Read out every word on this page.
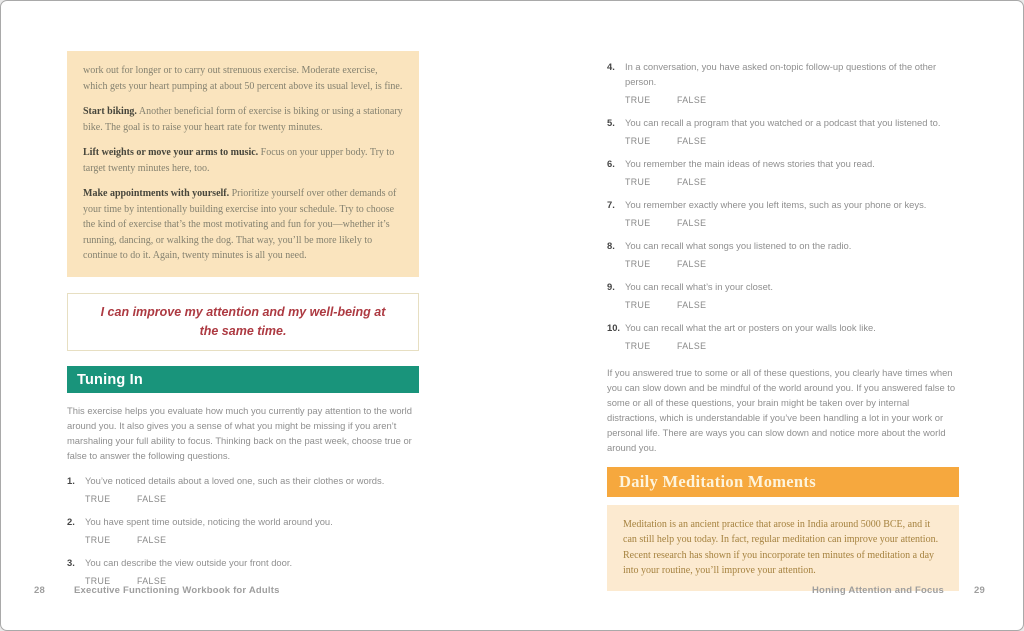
work out for longer or to carry out strenuous exercise. Moderate exercise, which gets your heart pumping at about 50 percent above its usual level, is fine.

Start biking. Another beneficial form of exercise is biking or using a stationary bike. The goal is to raise your heart rate for twenty minutes.

Lift weights or move your arms to music. Focus on your upper body. Try to target twenty minutes here, too.

Make appointments with yourself. Prioritize yourself over other demands of your time by intentionally building exercise into your schedule. Try to choose the kind of exercise that’s the most motivating and fun for you—whether it’s running, dancing, or walking the dog. That way, you’ll be more likely to continue to do it. Again, twenty minutes is all you need.

I can improve my attention and my well-being at the same time.
Tuning In

This exercise helps you evaluate how much you currently pay attention to the world around you. It also gives you a sense of what you might be missing if you aren’t marshaling your full ability to focus. Thinking back on the past week, choose true or false to answer the following questions.

1.	You’ve noticed details about a loved one, such as their clothes or words.
TRUE	FALSE
2.	You have spent time outside, noticing the world around you.
TRUE	FALSE
3.	You can describe the view outside your front door.
TRUE	FALSE
4.	In a conversation, you have asked on-topic follow-up questions of the other person.
TRUE	FALSE
5.	You can recall a program that you watched or a podcast that you listened to.
TRUE	FALSE
6.	You remember the main ideas of news stories that you read.
TRUE	FALSE
7.	You remember exactly where you left items, such as your phone or keys.
TRUE	FALSE
8.	You can recall what songs you listened to on the radio.
TRUE	FALSE
9.	You can recall what’s in your closet.
TRUE	FALSE
10. You can recall what the art or posters on your walls look like.
TRUE	FALSE

If you answered true to some or all of these questions, you clearly have times when you can slow down and be mindful of the world around you. If you answered false to some or all of these questions, your brain might be taken over by internal distractions, which is understandable if you’ve been handling a lot in your work or personal life. There are ways you can slow down and notice more about the world around you.

Daily Meditation Moments
Meditation is an ancient practice that arose in India around 5000 BCE, and it can still help you today. In fact, regular meditation can improve your attention. Recent research has shown if you incorporate ten minutes of meditation a day into your routine, you’ll improve your attention.
28	Executive Functioning Workbook for Adults	Honing Attention and Focus	29
